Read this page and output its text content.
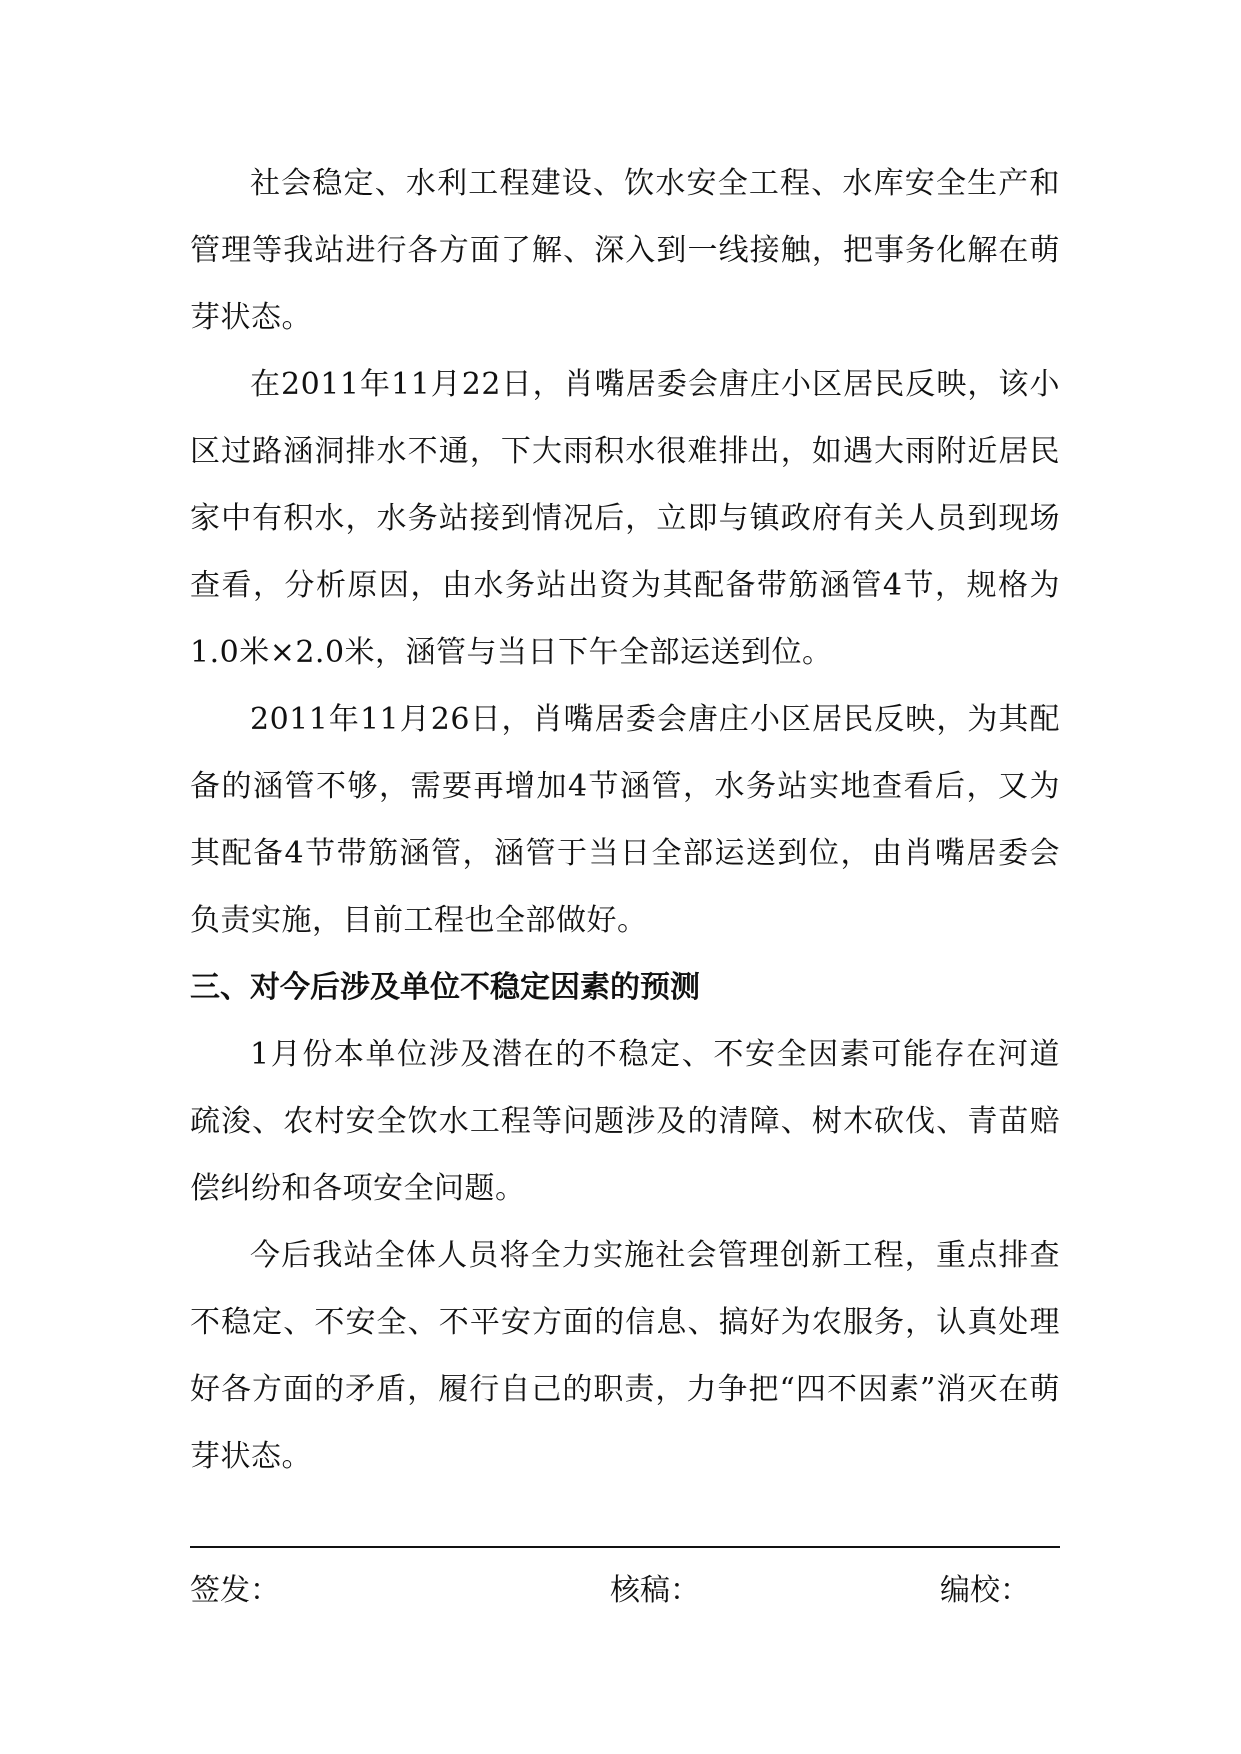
社会稳定、水利工程建设、饮水安全工程、水库安全生产和管理等我站进行各方面了解、深入到一线接触，把事务化解在萌芽状态。

在2011年11月22日，肖嘴居委会唐庄小区居民反映，该小区过路涵洞排水不通，下大雨积水很难排出，如遇大雨附近居民家中有积水，水务站接到情况后，立即与镇政府有关人员到现场查看，分析原因，由水务站出资为其配备带筋涵管4节，规格为1.0米×2.0米，涵管与当日下午全部运送到位。

2011年11月26日，肖嘴居委会唐庄小区居民反映，为其配备的涵管不够，需要再增加4节涵管，水务站实地查看后，又为其配备4节带筋涵管，涵管于当日全部运送到位，由肖嘴居委会负责实施，目前工程也全部做好。

三、对今后涉及单位不稳定因素的预测

1月份本单位涉及潜在的不稳定、不安全因素可能存在河道疏浚、农村安全饮水工程等问题涉及的清障、树木砍伐、青苗赔偿纠纷和各项安全问题。

今后我站全体人员将全力实施社会管理创新工程，重点排查不稳定、不安全、不平安方面的信息、搞好为农服务，认真处理好各方面的矛盾，履行自己的职责，力争把“四不因素”消灭在萌芽状态。

签发：	核稿：	编校：
